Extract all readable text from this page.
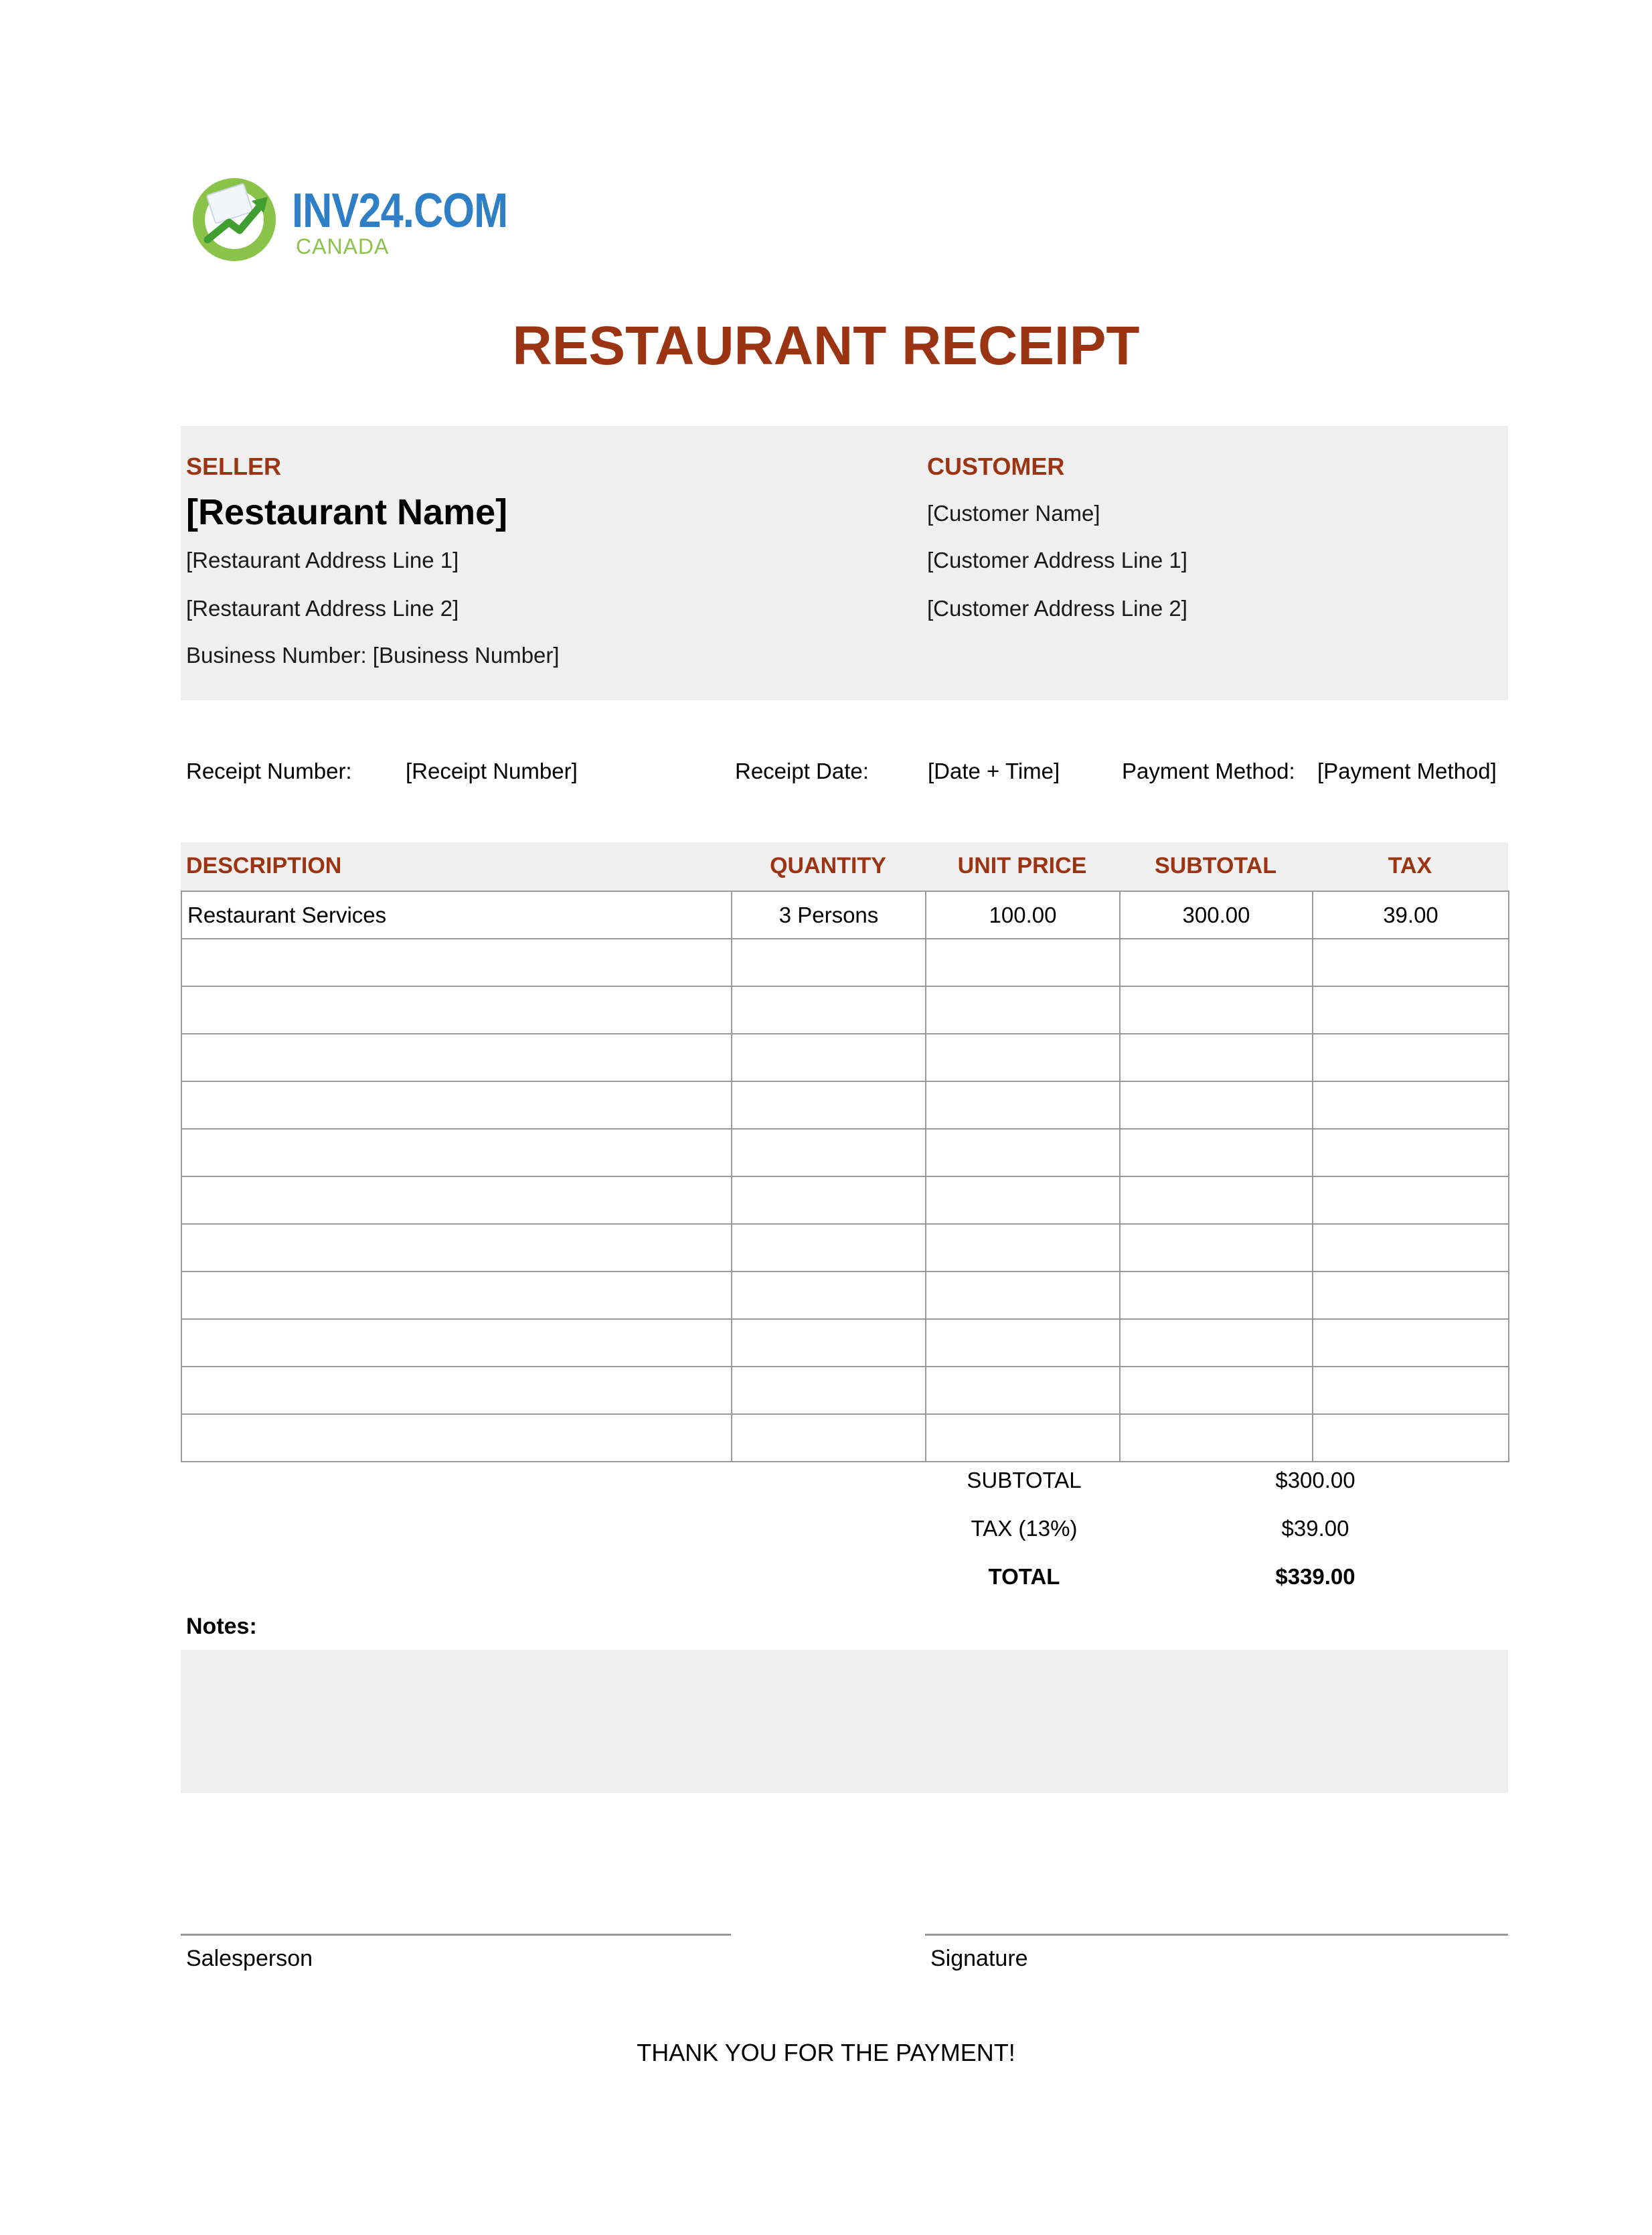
INV24.COM
CANADA
RESTAURANT RECEIPT
SELLER
[Restaurant Name]
[Restaurant Address Line 1]
[Restaurant Address Line 2]
Business Number: [Business Number]
CUSTOMER
[Customer Name]
[Customer Address Line 1]
[Customer Address Line 2]
Receipt Number: [Receipt Number]	Receipt Date:	[Date + Time]	Payment Method: [Payment Method]
DESCRIPTION	QUANTITY	UNIT PRICE	SUBTOTAL	TAX
Restaurant Services	3 Persons	100.00	300.00	39.00

SUBTOTAL	$300.00
TAX (13%)	$39.00
TOTAL	$339.00
Notes:
Salesperson	Signature
THANK YOU FOR THE PAYMENT!
